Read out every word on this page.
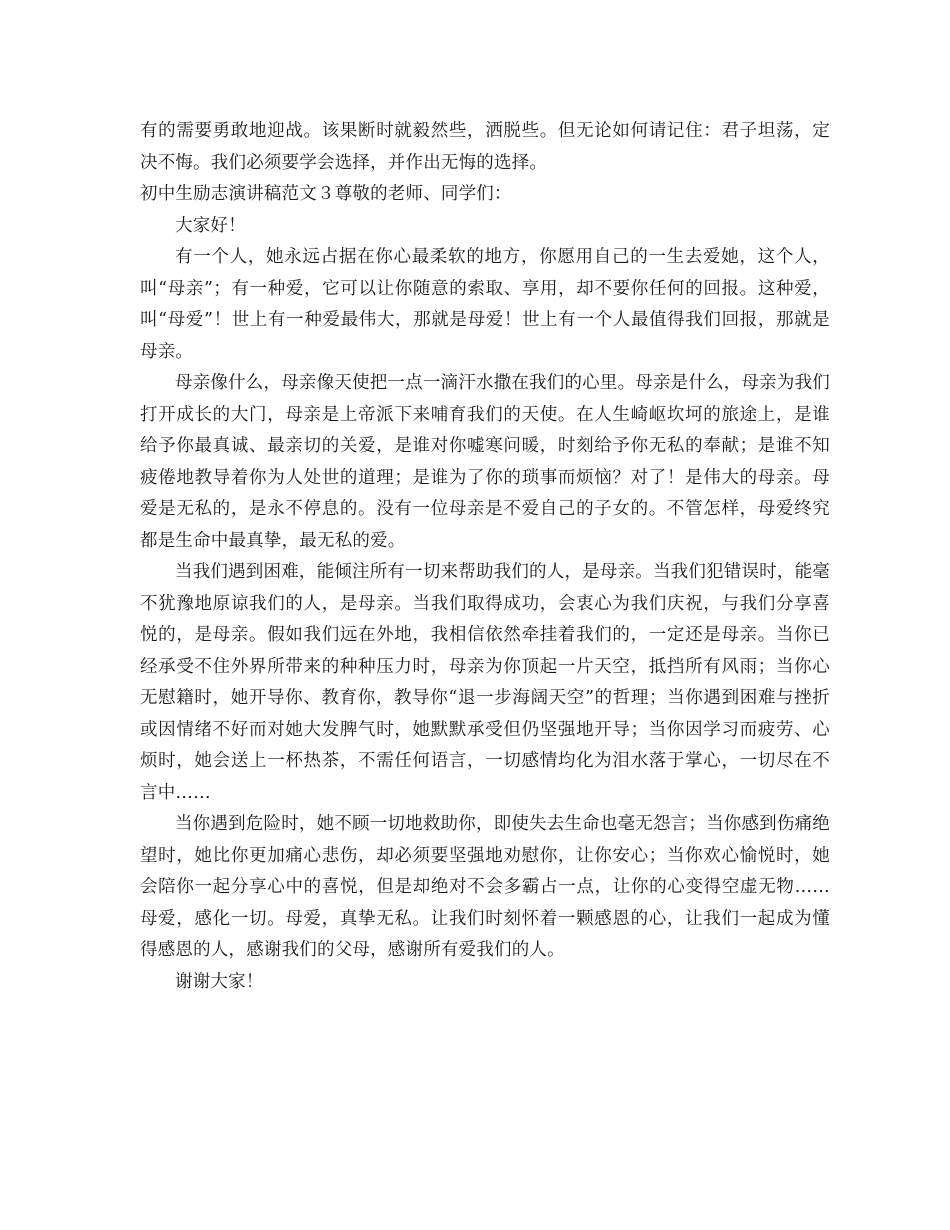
有的需要勇敢地迎战。该果断时就毅然些，洒脱些。但无论如何请记住：君子坦荡，定决不悔。我们必须要学会选择，并作出无悔的选择。

初中生励志演讲稿范文３尊敬的老师、同学们：

大家好！

有一个人，她永远占据在你心最柔软的地方，你愿用自己的一生去爱她，这个人，叫“母亲”；有一种爱，它可以让你随意的索取、享用，却不要你任何的回报。这种爱，叫“母爱”！世上有一种爱最伟大，那就是母爱！世上有一个人最值得我们回报，那就是母亲。

母亲像什么，母亲像天使把一点一滴汗水撒在我们的心里。母亲是什么，母亲为我们打开成长的大门，母亲是上帝派下来哺育我们的天使。在人生崎岖坎坷的旅途上，是谁给予你最真诚、最亲切的关爱，是谁对你嘘寒问暖，时刻给予你无私的奉献；是谁不知疲倦地教导着你为人处世的道理；是谁为了你的琐事而烦恼？对了！是伟大的母亲。母爱是无私的，是永不停息的。没有一位母亲是不爱自己的子女的。不管怎样，母爱终究都是生命中最真挚，最无私的爱。

当我们遇到困难，能倾注所有一切来帮助我们的人，是母亲。当我们犯错误时，能毫不犹豫地原谅我们的人，是母亲。当我们取得成功，会衷心为我们庆祝，与我们分享喜悦的，是母亲。假如我们远在外地，我相信依然牵挂着我们的，一定还是母亲。当你已经承受不住外界所带来的种种压力时，母亲为你顶起一片天空，抵挡所有风雨；当你心无慰籍时，她开导你、教育你，教导你“退一步海阔天空”的哲理；当你遇到困难与挫折或因情绪不好而对她大发脾气时，她默默承受但仍坚强地开导；当你因学习而疲劳、心烦时，她会送上一杯热茶，不需任何语言，一切感情均化为泪水落于掌心，一切尽在不言中……

当你遇到危险时，她不顾一切地救助你，即使失去生命也毫无怨言；当你感到伤痛绝望时，她比你更加痛心悲伤，却必须要坚强地劝慰你，让你安心；当你欢心愉悦时，她会陪你一起分享心中的喜悦，但是却绝对不会多霸占一点，让你的心变得空虚无物……母爱，感化一切。母爱，真挚无私。让我们时刻怀着一颗感恩的心，让我们一起成为懂得感恩的人，感谢我们的父母，感谢所有爱我们的人。

谢谢大家！
